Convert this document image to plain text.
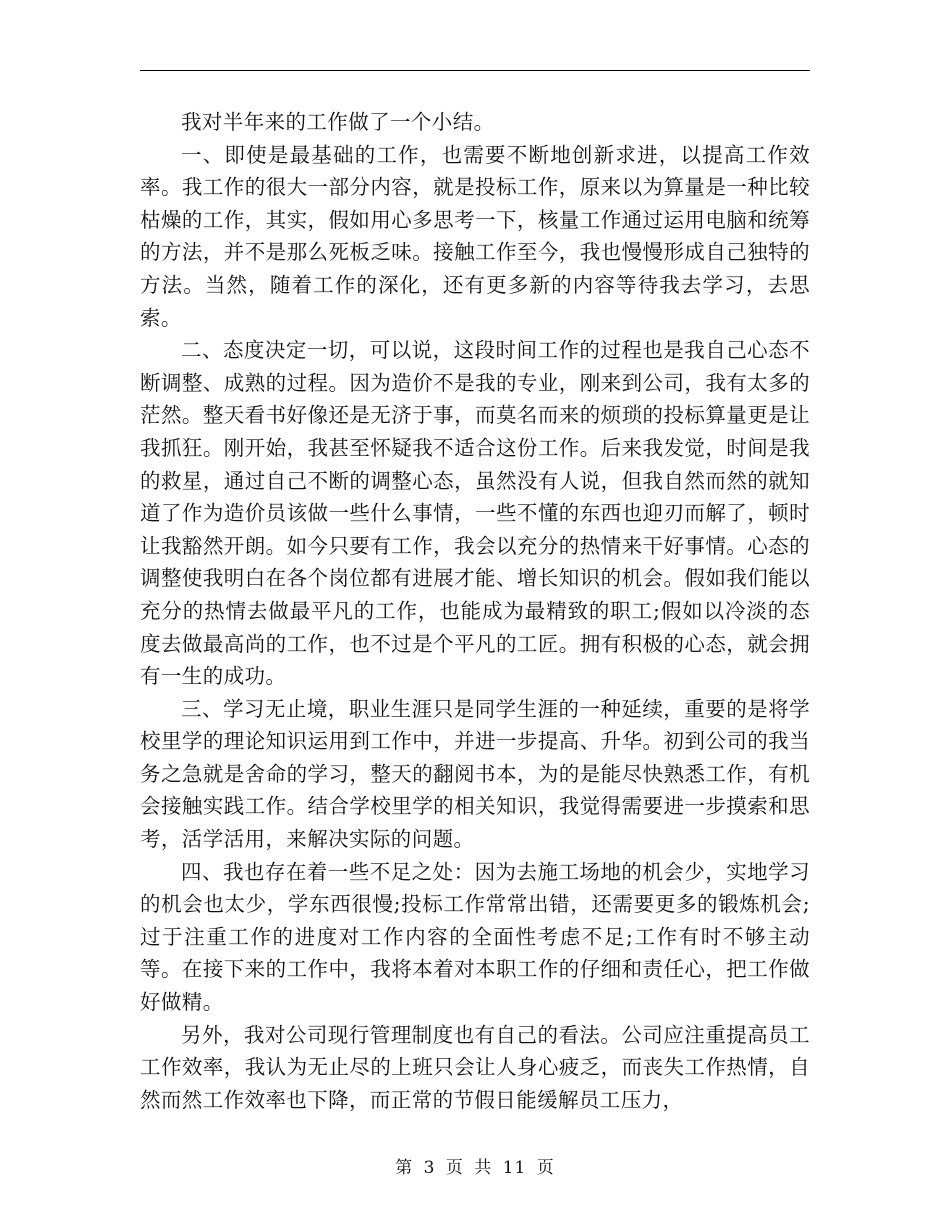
我对半年来的工作做了一个小结。

一、即使是最基础的工作，也需要不断地创新求进，以提高工作效率。我工作的很大一部分内容，就是投标工作，原来以为算量是一种比较枯燥的工作，其实，假如用心多思考一下，核量工作通过运用电脑和统筹的方法，并不是那么死板乏味。接触工作至今，我也慢慢形成自己独特的方法。当然，随着工作的深化，还有更多新的内容等待我去学习，去思索。

二、态度决定一切，可以说，这段时间工作的过程也是我自己心态不断调整、成熟的过程。因为造价不是我的专业，刚来到公司，我有太多的茫然。整天看书好像还是无济于事，而莫名而来的烦琐的投标算量更是让我抓狂。刚开始，我甚至怀疑我不适合这份工作。后来我发觉，时间是我的救星，通过自己不断的调整心态，虽然没有人说，但我自然而然的就知道了作为造价员该做一些什么事情，一些不懂的东西也迎刃而解了，顿时让我豁然开朗。如今只要有工作，我会以充分的热情来干好事情。心态的调整使我明白在各个岗位都有进展才能、增长知识的机会。假如我们能以充分的热情去做最平凡的工作，也能成为最精致的职工;假如以冷淡的态度去做最高尚的工作，也不过是个平凡的工匠。拥有积极的心态，就会拥有一生的成功。

三、学习无止境，职业生涯只是同学生涯的一种延续，重要的是将学校里学的理论知识运用到工作中，并进一步提高、升华。初到公司的我当务之急就是舍命的学习，整天的翻阅书本，为的是能尽快熟悉工作，有机会接触实践工作。结合学校里学的相关知识，我觉得需要进一步摸索和思考，活学活用，来解决实际的问题。

四、我也存在着一些不足之处：因为去施工场地的机会少，实地学习的机会也太少，学东西很慢;投标工作常常出错，还需要更多的锻炼机会;过于注重工作的进度对工作内容的全面性考虑不足;工作有时不够主动等。在接下来的工作中，我将本着对本职工作的仔细和责任心，把工作做好做精。

另外，我对公司现行管理制度也有自己的看法。公司应注重提高员工工作效率，我认为无止尽的上班只会让人身心疲乏，而丧失工作热情，自然而然工作效率也下降，而正常的节假日能缓解员工压力，

第 3 页 共 11 页
